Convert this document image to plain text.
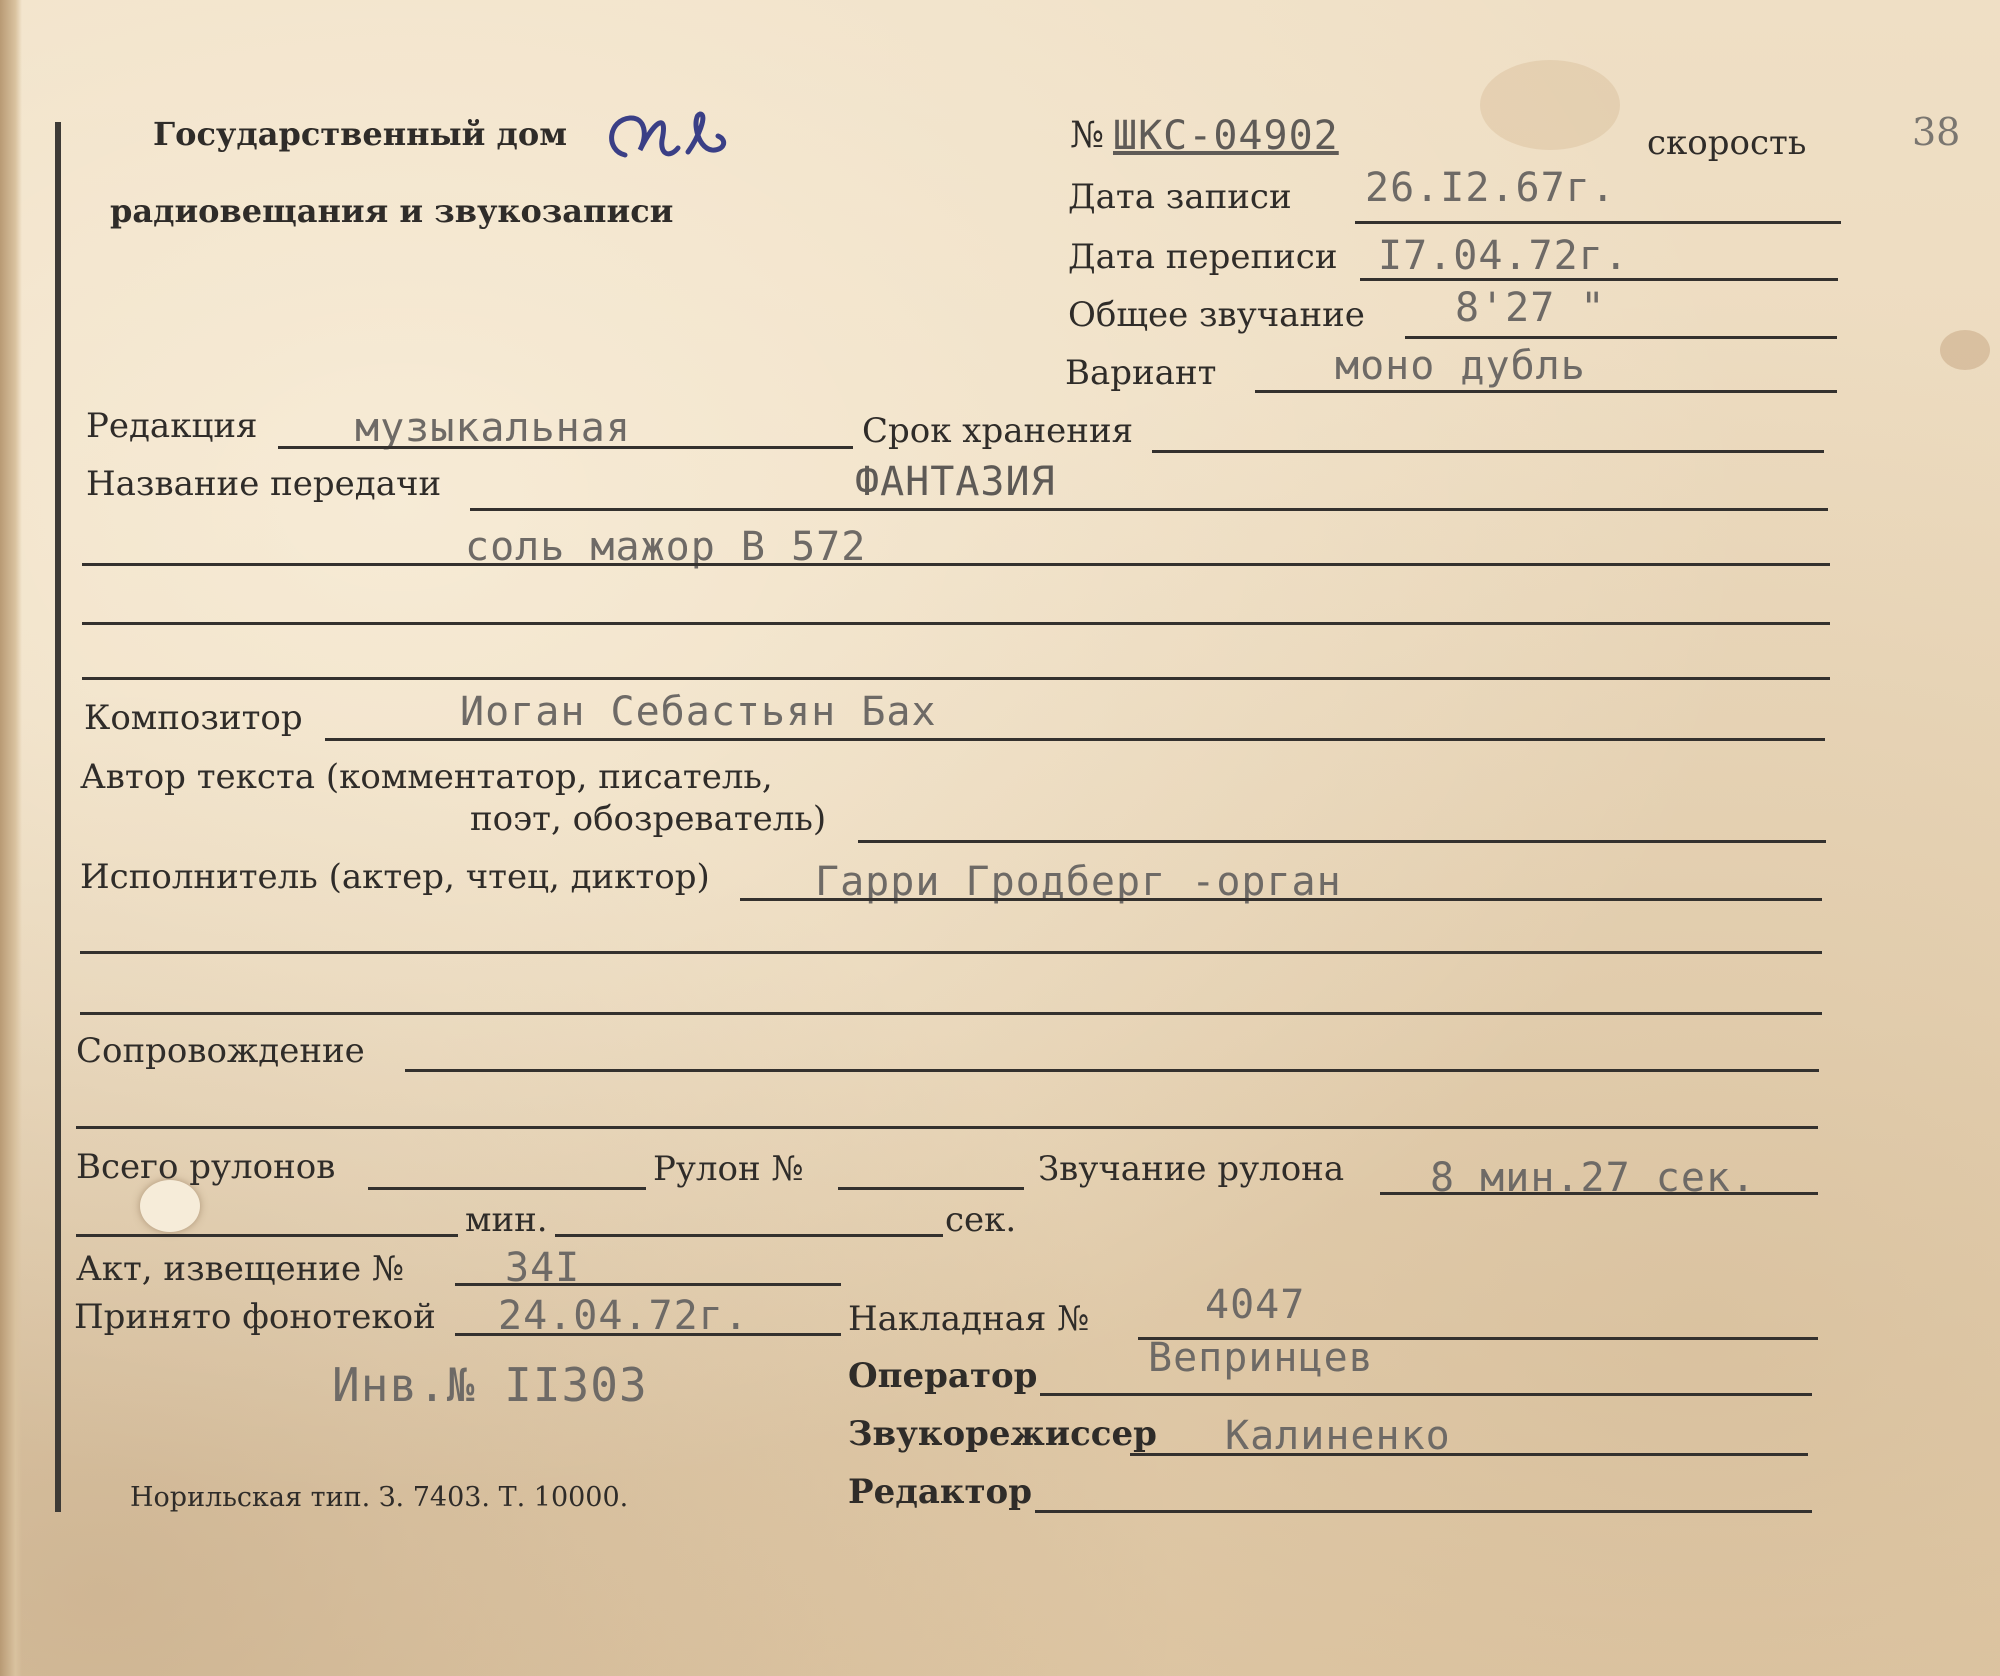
Государственный дом
радиовещания и звукозаписи
№ ШКС-04902	скорость	38
Дата записи 26.I2.67г.
Дата переписи I7.04.72г.
Общее звучание 8'27 "
Вариант	моно дубль
Редакция музыкальная	Срок хранения
Название передачи	ФАНТАЗИЯ
соль мажор В 572
Композитор	Иоган Себастьян Бах
Автор текста (комментатор, писатель,
поэт, обозреватель)
Исполнитель (актер, чтец, диктор)	Гарри Гродберг -орган
Сопровождение
Всего рулонов	Рулон №	Звучание рулона 8 мин.27 сек.
мин.	сек.
Акт, извещение №	34I
Принято фонотекой 24.04.72г.	Накладная №	4047
Инв.№ II303	Оператор	Вепринцев
Звукорежиссер Калиненко
Редактор
Норильская тип. З. 7403. Т. 10000.
